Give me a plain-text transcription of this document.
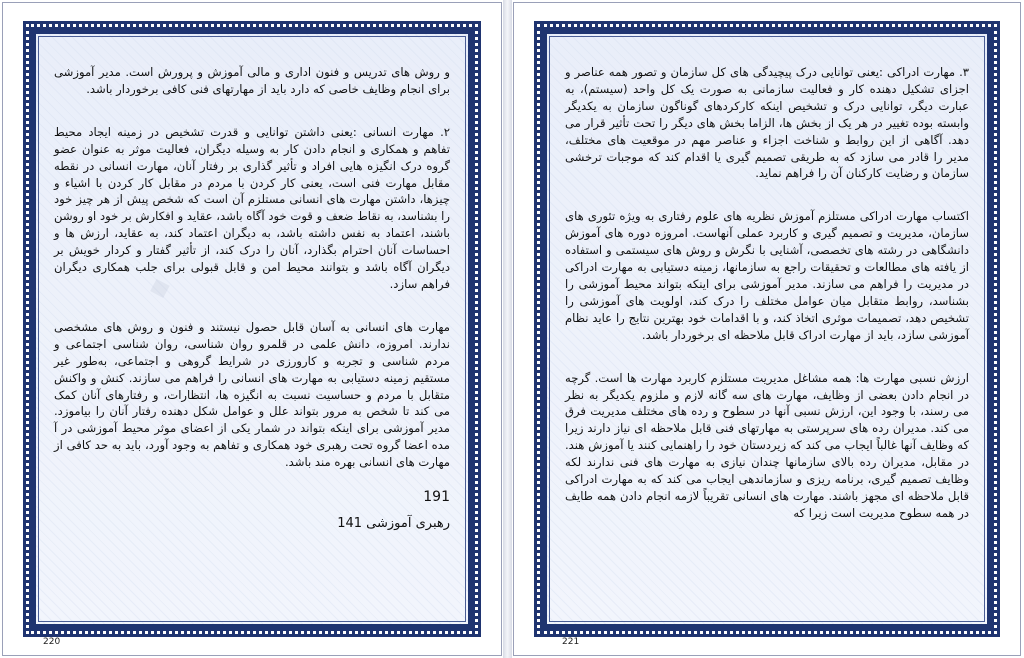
·

و روش های تدریس و فنون اداری و مالی آموزش و پرورش است. مدیر آموزشی برای انجام وظایف خاصی که دارد باید از مهارتهای فنی کافی برخوردار باشد.

۲. مهارت انسانی :یعنی داشتن توانایی و قدرت تشخیص در زمینه ایجاد محیط تفاهم و همکاری و انجام دادن کار به وسیله دیگران، فعالیت موثر به عنوان عضو گروه درک انگیزه هایی افراد و تأثیر گذاری بر رفتار آنان، مهارت انسانی در نقطه مقابل مهارت فنی است، یعنی کار کردن با مردم در مقابل کار کردن با اشیاء و چیزها، داشتن مهارت های انسانی مستلزم آن است که شخص پیش از هر چیز خود را بشناسد، به نقاط ضعف و قوت خود آگاه باشد، عقاید و افکارش بر خود او روشن باشند، اعتماد به نفس داشته باشد، به دیگران اعتماد کند، به عقاید، ارزش ها و احساسات آنان احترام بگذارد، آنان را درک کند، از تأثیر گفتار و کردار خویش بر دیگران آگاه باشد و بتوانند محیط امن و قابل قبولی برای جلب همکاری دیگران فراهم سازد.

مهارت های انسانی به آسان قابل حصول نیستند و فنون و روش های مشخصی ندارند. امروزه، دانش علمی در قلمرو روان شناسی، روان شناسی اجتماعی و مردم شناسی و تجربه و کارورزی در شرایط گروهی و اجتماعی، به‌طور غیر مستقیم زمینه دستیابی به مهارت های انسانی را فراهم می سازند. کنش و واکنش متقابل با مردم و حساسیت نسبت به انگیزه ها، انتظارات، و رفتارهای آنان کمک می کند تا شخص به مرور بتواند علل و عوامل شکل دهنده رفتار آنان را بیاموزد. مدیر آموزشی برای اینکه بتواند در شمار یکی از اعضای موثر محیط آموزشی در آ مده اعضا گروه تحت رهبری خود همکاری و تفاهم به وجود آورد، باید به حد کافی از مهارت های انسانی بهره مند باشد.

191
رهبری آموزشی 141
220

۳. مهارت ادراکی :یعنی توانایی درک پیچیدگی های کل سازمان و تصور همه عناصر و اجزای تشکیل دهنده کار و فعالیت سازمانی به صورت یک کل واحد (سیستم)، به عبارت دیگر، توانایی درک و تشخیص اینکه کارکردهای گوناگون سازمان به یکدیگر وابسته بوده تغییر در هر یک از بخش ها، الزاما بخش های دیگر را تحت تأثیر قرار می دهد. آگاهی از این روابط و شناخت اجزاء و عناصر مهم در موقعیت های مختلف، مدیر را قادر می سازد که به طریقی تصمیم گیری یا اقدام کند که موجبات ترخشی سازمان و رضایت کارکنان آن را فراهم نماید.

اکتساب مهارت ادراکی مستلزم آموزش نظریه های علوم رفتاری به ویژه تئوری های سازمان، مدیریت و تصمیم گیری و کاربرد عملی آنهاست. امروزه دوره های آموزش دانشگاهی در رشته های تخصصی، آشنایی با نگرش و روش های سیستمی و استفاده از یافته های مطالعات و تحقیقات راجع به سازمانها، زمینه دستیابی به مهارت ادراکی در مدیریت را فراهم می سازند. مدیر آموزشی برای اینکه بتواند محیط آموزشی را بشناسد، روابط متقابل میان عوامل مختلف را درک کند، اولویت های آموزشی را تشخیص دهد، تصمیمات موثری اتخاذ کند، و با اقدامات خود بهترین نتایج را عاید نظام آموزشی سازد، باید از مهارت ادراک قابل ملاحظه ای برخوردار باشد.

ارزش نسبی مهارت ها: همه مشاغل مدیریت مستلزم کاربرد مهارت ها است. گرچه در انجام دادن بعضی از وظایف، مهارت های سه گانه لازم و ملزوم یکدیگر به نظر می رسند، با وجود این، ارزش نسبی آنها در سطوح و رده های مختلف مدیریت فرق می کند. مدیران رده های سرپرستی به مهارتهای فنی قابل ملاحظه ای نیاز دارند زیرا که وظایف آنها غالباً ایجاب می کند که زیردستان خود را راهنمایی کنند یا آموزش هند. در مقابل، مدیران رده بالای سازمانها چندان نیازی به مهارت های فنی ندارند لکه وظایف تصمیم گیری، برنامه ریزی و سازماندهی ایجاب می کند که به مهارت ادراکی قابل ملاحظه ای مجهز باشند. مهارت های انسانی تقریباً لازمه انجام دادن همه طایف در همه سطوح مدیریت است زیرا که

221
